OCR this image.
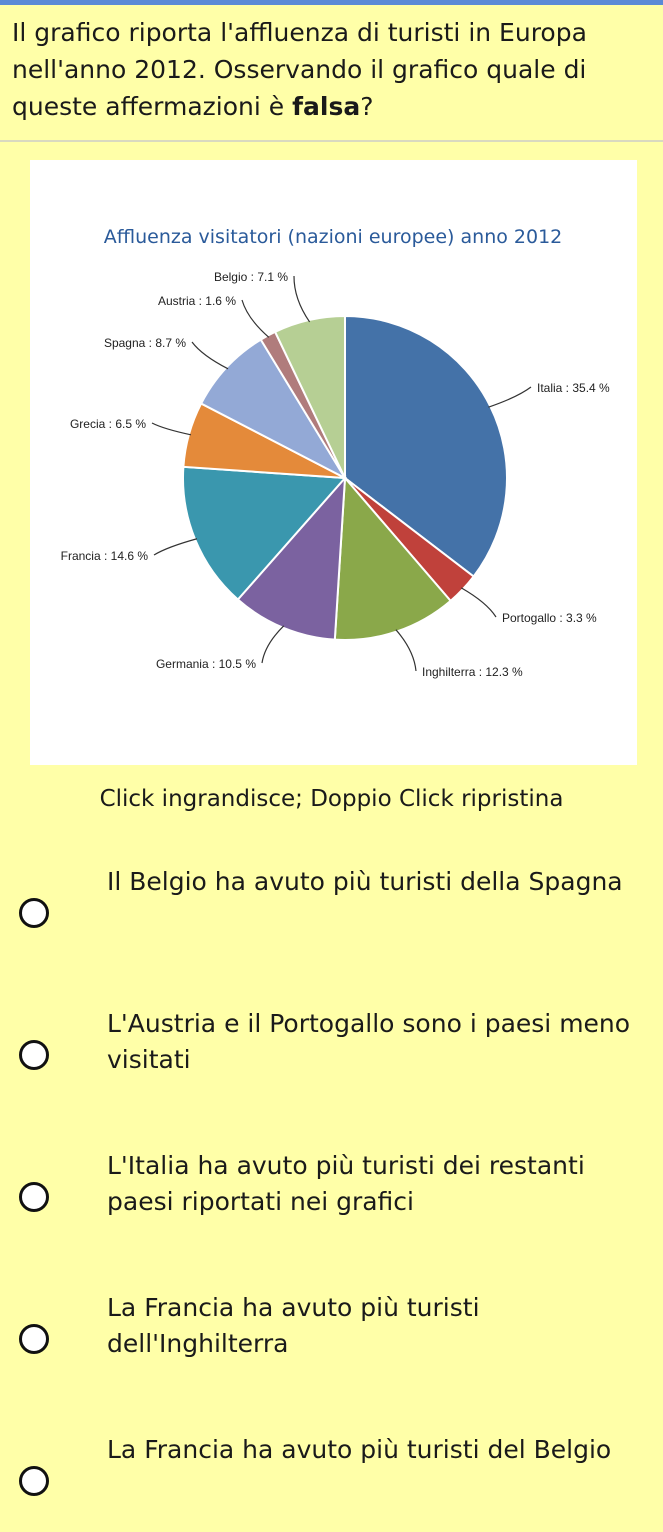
Il grafico riporta l'affluenza di turisti in Europa nell'anno 2012. Osservando il grafico quale di queste affermazioni è falsa?
Affluenza visitatori (nazioni europee) anno 2012
Italia : 35.4 %
Portogallo : 3.3 %
Inghilterra : 12.3 %
Germania : 10.5 %
Francia : 14.6 %
Grecia : 6.5 %
Spagna : 8.7 %
Austria : 1.6 %
Belgio : 7.1 %
Click ingrandisce; Doppio Click ripristina
Il Belgio ha avuto più turisti della Spagna
L'Austria e il Portogallo sono i paesi meno visitati
L'Italia ha avuto più turisti dei restanti paesi riportati nei grafici
La Francia ha avuto più turisti dell'Inghilterra
La Francia ha avuto più turisti del Belgio
